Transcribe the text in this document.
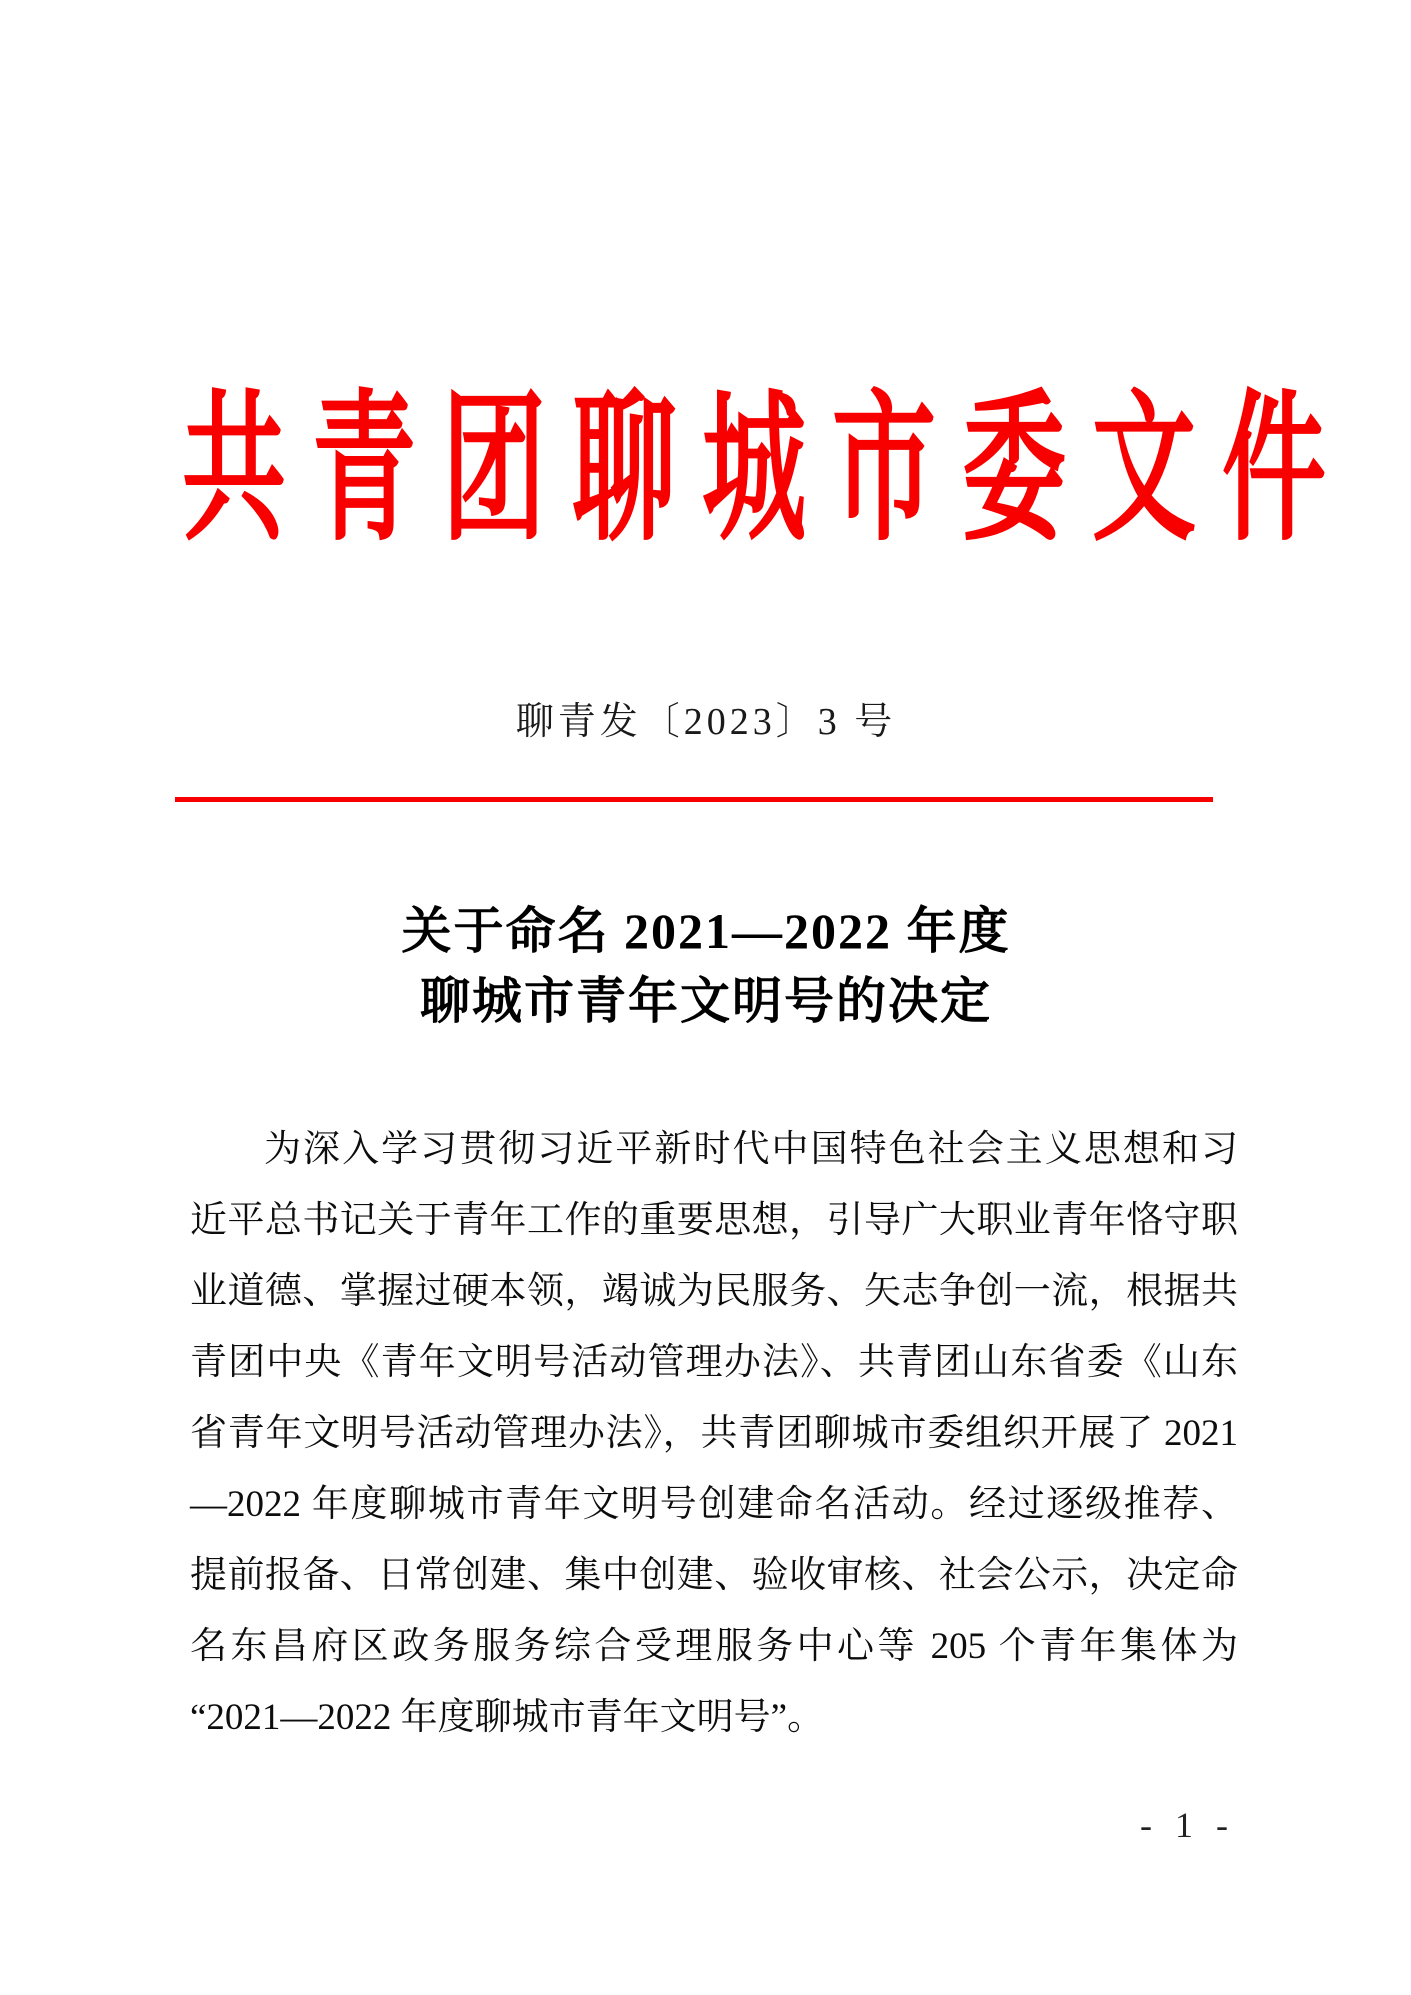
共青团聊城市委文件
聊青发〔2023〕3 号
关于命名 2021—2022 年度
聊城市青年文明号的决定
为深入学习贯彻习近平新时代中国特色社会主义思想和习
近平总书记关于青年工作的重要思想，引导广大职业青年恪守职
业道德、掌握过硬本领，竭诚为民服务、矢志争创一流，根据共
青团中央《青年文明号活动管理办法》、共青团山东省委《山东
省青年文明号活动管理办法》，共青团聊城市委组织开展了 2021
—2022 年度聊城市青年文明号创建命名活动。经过逐级推荐、
提前报备、日常创建、集中创建、验收审核、社会公示，决定命
名东昌府区政务服务综合受理服务中心等 205 个青年集体为
“2021—2022 年度聊城市青年文明号”。
- 1 -
